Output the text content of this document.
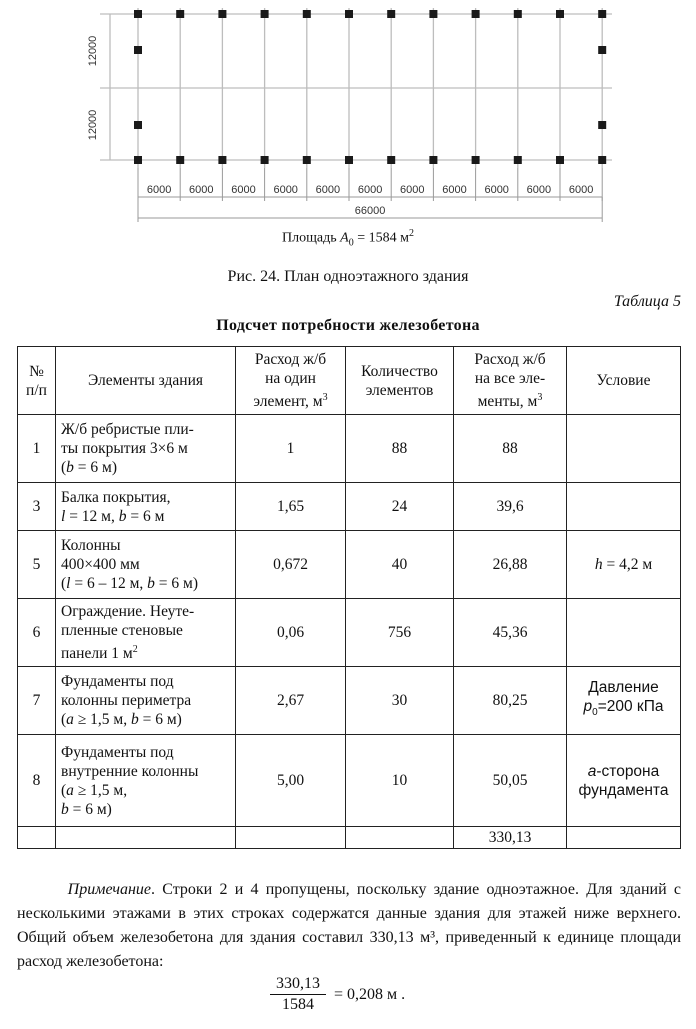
6000 6000 6000 6000 6000 6000 6000 6000 6000 6000 6000
66000
12000
12000
Площадь $A_0 = 1584$ $м^2$
Рис. 24. План одноэтажного здания
Таблица 5
Подсчет потребности железобетона
№
п/п	Элементы здания	Расход ж/б
на один
элемент, $м^3$	Количество
элементов	Расход ж/б
на все эле-
менты, $м^3$	Условие
1	Ж/б ребристые пли-
ты покрытия 3×6 м
(b = 6 м)	1	88	88	
3	Балка покрытия,
l = 12 м, b = 6 м	1,65	24	39,6	
5	Колонны
400×400 мм
(l = 6 – 12 м, b = 6 м)	0,672	40	26,88	h = 4,2 м
6	Ограждение. Неуте-
пленные стеновые
панели 1 $м^2$	0,06	756	45,36	
7	Фундаменты под
колонны периметра
(a ≥ 1,5 м, b = 6 м)	2,67	30	80,25	Давление
$p_0=200$ кПа
8	Фундаменты под
внутренние колонны
(a ≥ 1,5 м,
b = 6 м)	5,00	10	50,05	a-сторона
фундамента
				330,13	
Примечание. Строки 2 и 4 пропущены, поскольку здание одноэтажное. Для зданий с несколькими этажами в этих строках содержатся данные здания для этажей ниже верхнего. Общий объем железобетона для здания составил 330,13 м³, приведенный к единице площади расход железобетона:
$\frac{330,13}{1584} = 0,208$ м .
